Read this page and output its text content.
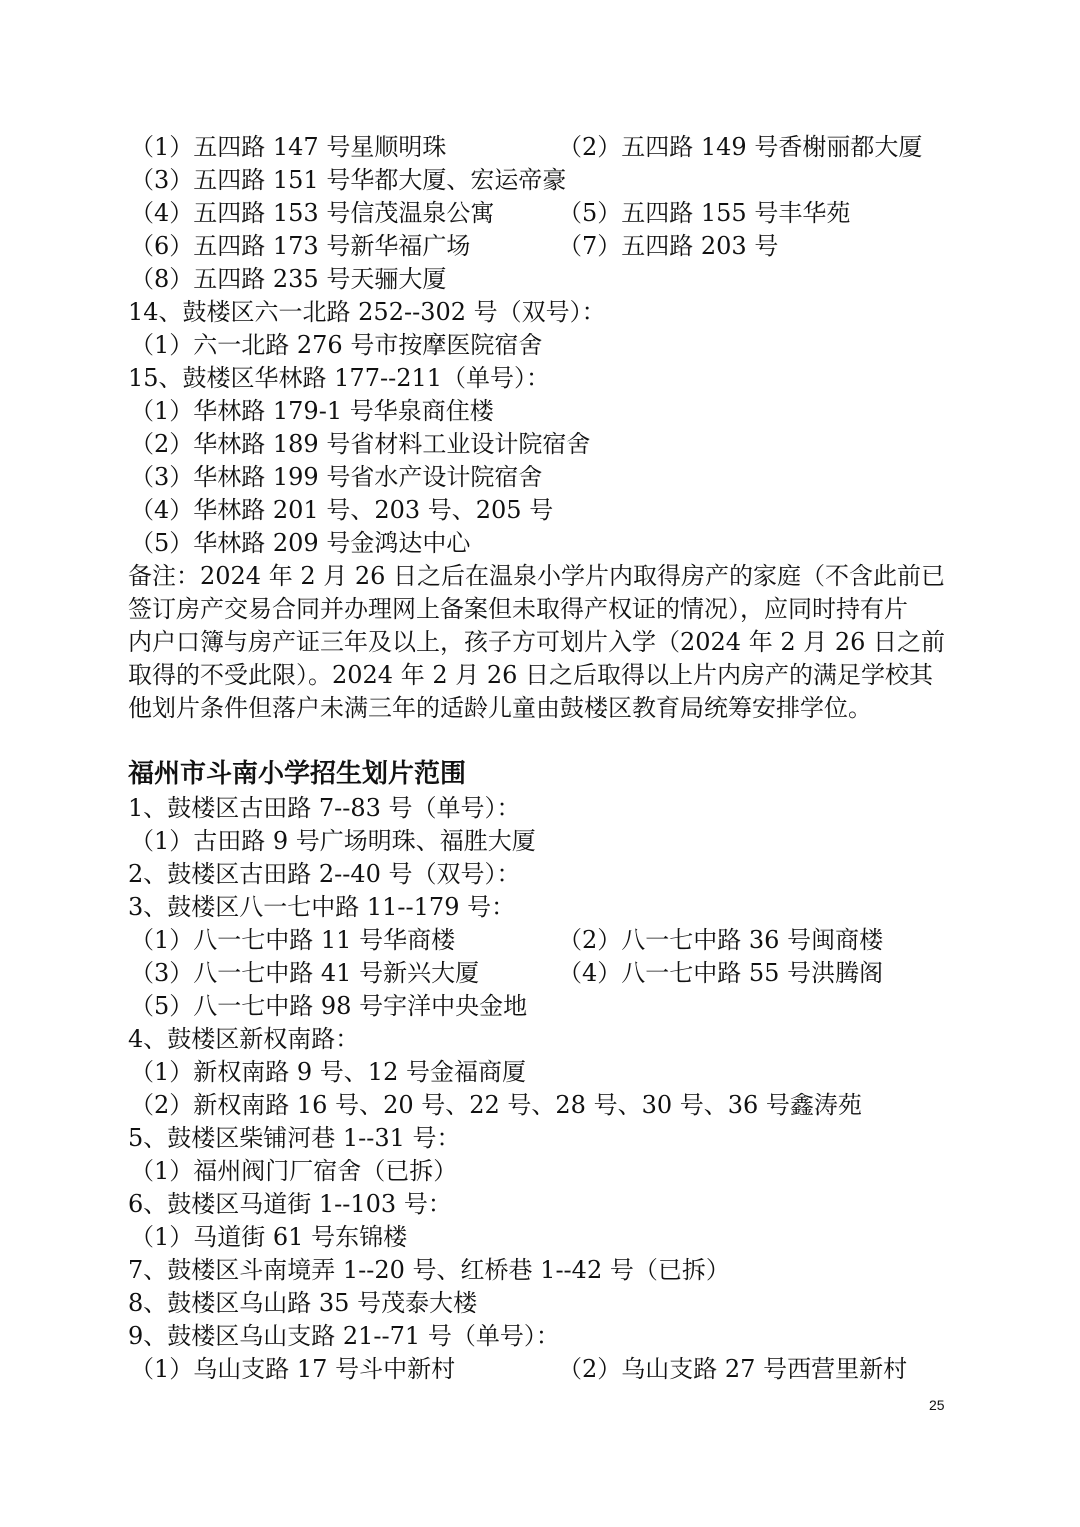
（1）五四路 147 号星顺明珠	（2）五四路 149 号香榭丽都大厦
（3）五四路 151 号华都大厦、宏运帝豪
（4）五四路 153 号信茂温泉公寓	（5）五四路 155 号丰华苑
（6）五四路 173 号新华福广场	（7）五四路 203 号
（8）五四路 235 号天骊大厦
14、鼓楼区六一北路 252--302 号（双号）：
（1）六一北路 276 号市按摩医院宿舍
15、鼓楼区华林路 177--211（单号）：
（1）华林路 179-1 号华泉商住楼
（2）华林路 189 号省材料工业设计院宿舍
（3）华林路 199 号省水产设计院宿舍
（4）华林路 201 号、203 号、205 号
（5）华林路 209 号金鸿达中心

备注：2024 年 2 月 26 日之后在温泉小学片内取得房产的家庭（不含此前已

签订房产交易合同并办理网上备案但未取得产权证的情况），应同时持有片

内户口簿与房产证三年及以上，孩子方可划片入学（2024 年 2 月 26 日之前

取得的不受此限）。2024 年 2 月 26 日之后取得以上片内房产的满足学校其

他划片条件但落户未满三年的适龄儿童由鼓楼区教育局统筹安排学位。

福州市斗南小学招生划片范围
1、鼓楼区古田路 7--83 号（单号）：
（1）古田路 9 号广场明珠、福胜大厦
2、鼓楼区古田路 2--40 号（双号）：
3、鼓楼区八一七中路 11--179 号：
（1）八一七中路 11 号华商楼	（2）八一七中路 36 号闽商楼
（3）八一七中路 41 号新兴大厦	（4）八一七中路 55 号洪腾阁
（5）八一七中路 98 号宇洋中央金地
4、鼓楼区新权南路：
（1）新权南路 9 号、12 号金福商厦
（2）新权南路 16 号、20 号、22 号、28 号、30 号、36 号鑫涛苑
5、鼓楼区柴铺河巷 1--31 号：
（1）福州阀门厂宿舍（已拆）
6、鼓楼区马道街 1--103 号：
（1）马道街 61 号东锦楼
7、鼓楼区斗南境弄 1--20 号、红桥巷 1--42 号（已拆）
8、鼓楼区乌山路 35 号茂泰大楼
9、鼓楼区乌山支路 21--71 号（单号）：
（1）乌山支路 17 号斗中新村	（2）乌山支路 27 号西营里新村
25
